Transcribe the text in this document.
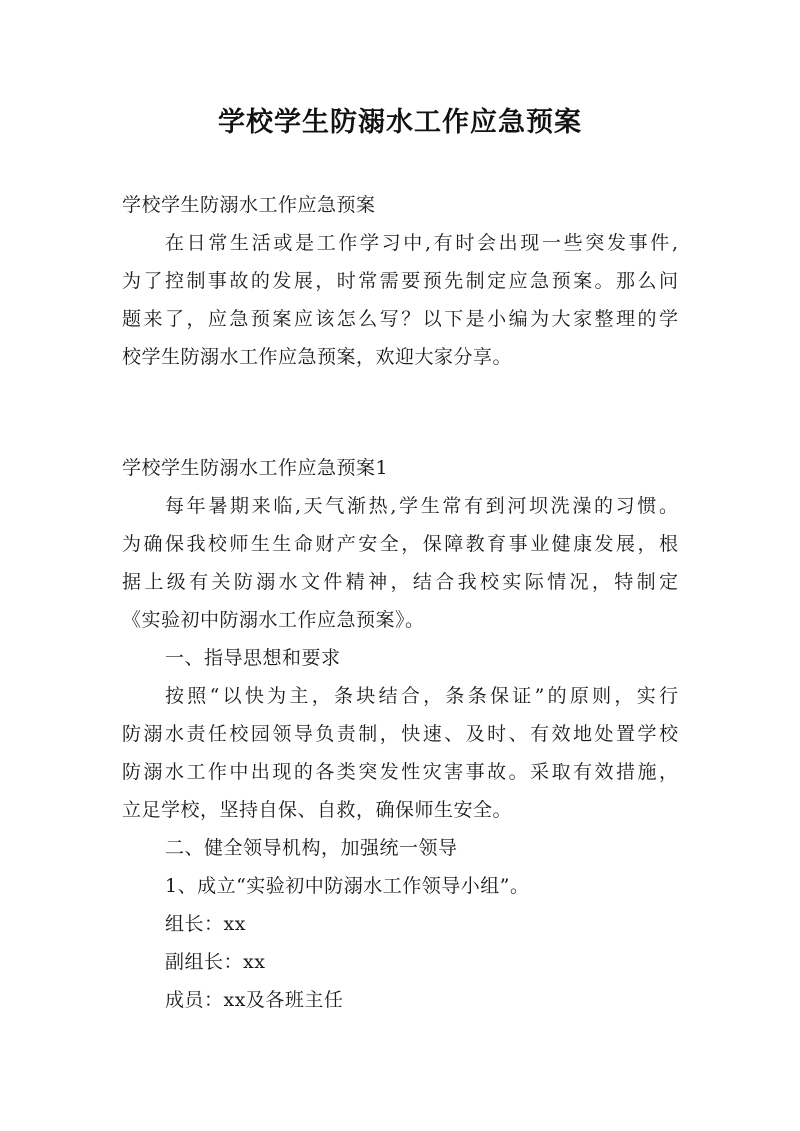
学校学生防溺水工作应急预案
学校学生防溺水工作应急预案
在日常生活或是工作学习中,有时会出现一些突发事件,
为了控制事故的发展，时常需要预先制定应急预案。那么问
题来了，应急预案应该怎么写？以下是小编为大家整理的学
校学生防溺水工作应急预案，欢迎大家分享。
学校学生防溺水工作应急预案1
每年暑期来临,天气渐热,学生常有到河坝洗澡的习惯。
为确保我校师生生命财产安全，保障教育事业健康发展，根
据上级有关防溺水文件精神，结合我校实际情况，特制定
《实验初中防溺水工作应急预案》。
一、指导思想和要求
按照“以快为主，条块结合，条条保证”的原则，实行
防溺水责任校园领导负责制，快速、及时、有效地处置学校
防溺水工作中出现的各类突发性灾害事故。采取有效措施，
立足学校，坚持自保、自救，确保师生安全。
二、健全领导机构，加强统一领导
1、成立“实验初中防溺水工作领导小组”。
组长：xx
副组长：xx
成员：xx及各班主任
